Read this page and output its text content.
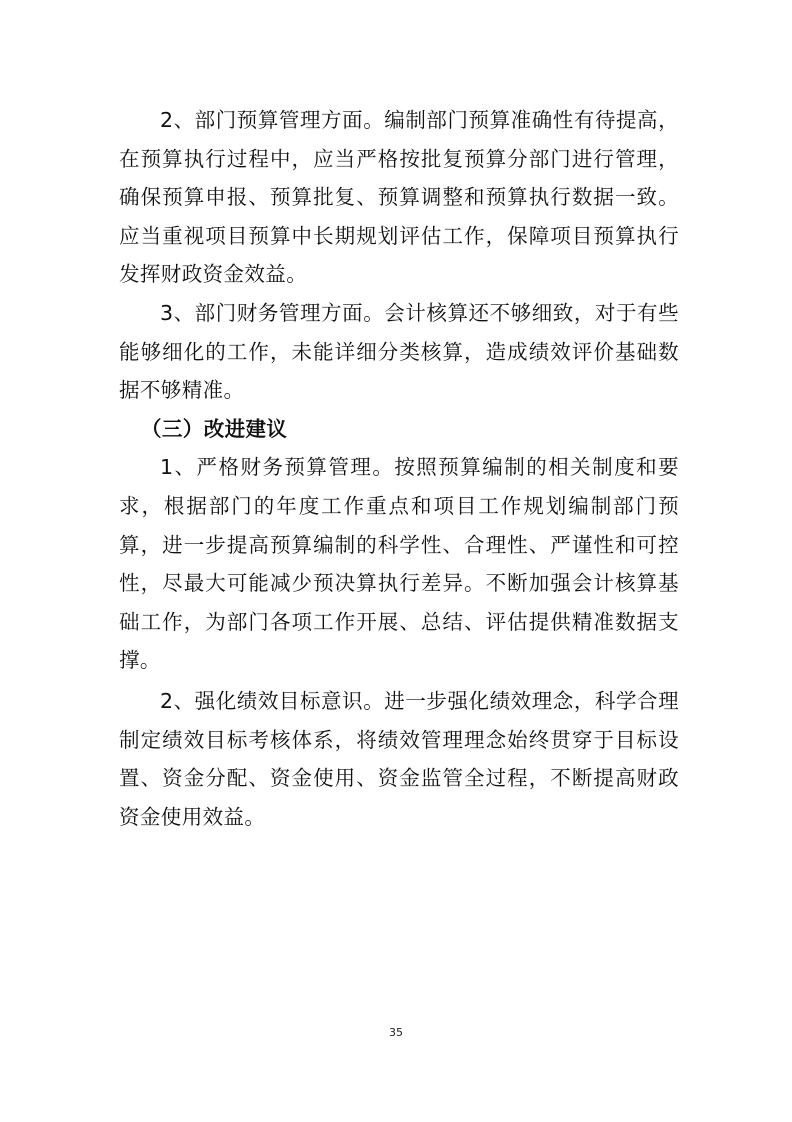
2、部门预算管理方面。编制部门预算准确性有待提高，在预算执行过程中，应当严格按批复预算分部门进行管理，确保预算申报、预算批复、预算调整和预算执行数据一致。应当重视项目预算中长期规划评估工作，保障项目预算执行发挥财政资金效益。

3、部门财务管理方面。会计核算还不够细致，对于有些能够细化的工作，未能详细分类核算，造成绩效评价基础数据不够精准。

（三）改进建议

1、严格财务预算管理。按照预算编制的相关制度和要求，根据部门的年度工作重点和项目工作规划编制部门预算，进一步提高预算编制的科学性、合理性、严谨性和可控性，尽最大可能减少预决算执行差异。不断加强会计核算基础工作，为部门各项工作开展、总结、评估提供精准数据支撑。

2、强化绩效目标意识。进一步强化绩效理念，科学合理制定绩效目标考核体系，将绩效管理理念始终贯穿于目标设置、资金分配、资金使用、资金监管全过程，不断提高财政资金使用效益。

35
